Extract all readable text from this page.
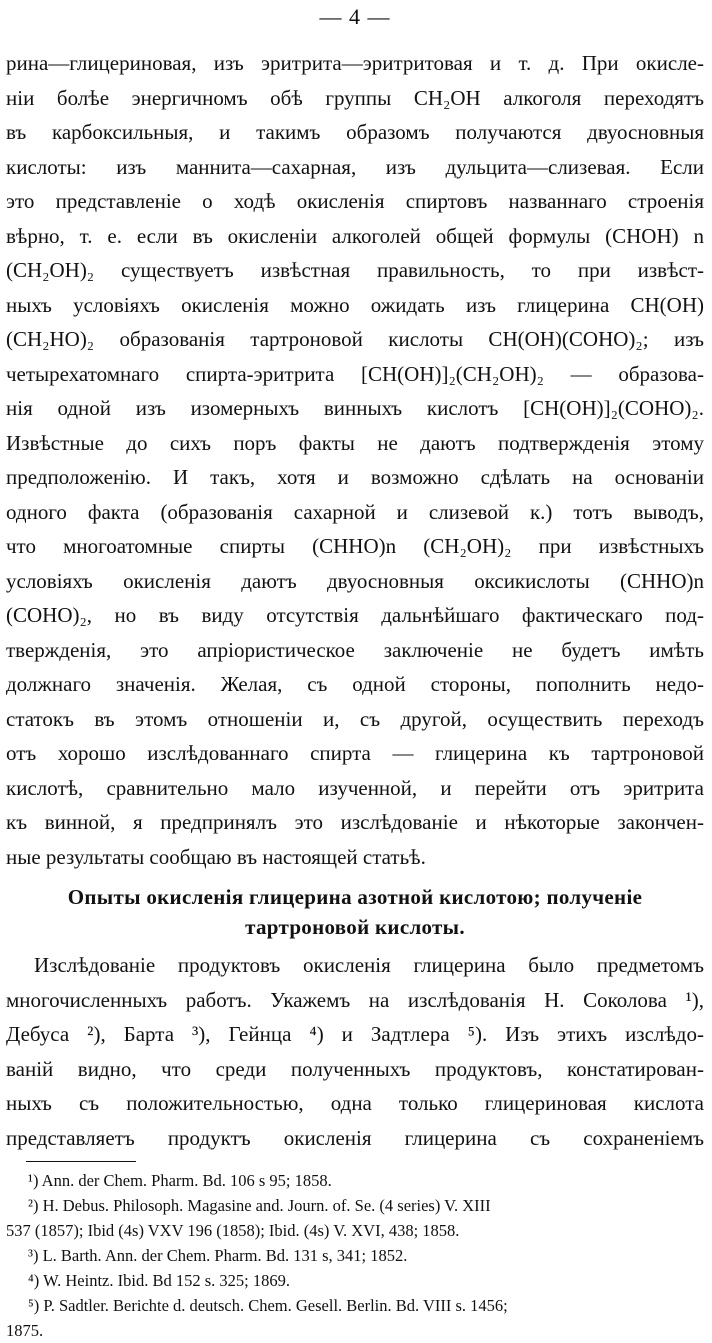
— 4 —
рина—глицериновая, изъ эритрита—эритритовая и т. д. При окисле-
ніи болѣе энергичномъ обѣ группы CH₂OH алкоголя переходятъ
въ карбоксильныя, и такимъ образомъ получаются двуосновныя
кислоты: изъ маннита—сахарная, изъ дульцита—слизевая. Если
это представленіе о ходѣ окисленія спиртовъ названнаго строенія
вѣрно, т. е. если въ окисленіи алкоголей общей формулы (CHOH) n
(CH₂OH)₂ существуетъ извѣстная правильность, то при извѣст-
ныхъ условіяхъ окисленія можно ожидать изъ глицерина CH(OH)
(CH₂HO)₂ образованія тартроновой кислоты CH(OH)(COHO)₂; изъ
четырехатомнаго спирта-эритрита [CH(OH)]₂(CH₂OH)₂ — образова-
нія одной изъ изомерныхъ винныхъ кислотъ [CH(OH)]₂(COHO)₂.
Извѣстные до сихъ поръ факты не даютъ подтвержденія этому
предположенію. И такъ, хотя и возможно сдѣлать на основаніи
одного факта (образованія сахарной и слизевой к.) тотъ выводъ,
что многоатомные спирты (CHHO)n (CH₂OH)₂ при извѣстныхъ
условіяхъ окисленія даютъ двуосновныя оксикислоты (CHHO)n
(COHO)₂, но въ виду отсутствія дальнѣйшаго фактическаго под-
твержденія, это апріористическое заключеніе не будетъ имѣть
должнаго значенія. Желая, съ одной стороны, пополнить недо-
статокъ въ этомъ отношеніи и, съ другой, осуществить переходъ
отъ хорошо изслѣдованнаго спирта — глицерина къ тартроновой
кислотѣ, сравнительно мало изученной, и перейти отъ эритрита
къ винной, я предпринялъ это изслѣдованіе и нѣкоторые закончен-
ные результаты сообщаю въ настоящей статьѣ.
Опыты окисленія глицерина азотной кислотою; полученіе
тартроновой кислоты.
Изслѣдованіе продуктовъ окисленія глицерина было предметомъ
многочисленныхъ работъ. Укажемъ на изслѣдованія Н. Соколова ¹),
Дебуса ²), Барта ³), Гейнца ⁴) и Задтлера ⁵). Изъ этихъ изслѣдо-
ваній видно, что среди полученныхъ продуктовъ, констатирован-
ныхъ съ положительностью, одна только глицериновая кислота
представляетъ продуктъ окисленія глицерина съ сохраненіемъ
¹) Ann. der Chem. Pharm. Bd. 106 s 95; 1858.
²) H. Debus. Philosoph. Magasine and. Journ. of. Se. (4 series) V. XIII
537 (1857); Ibid (4s) VXV 196 (1858); Ibid. (4s) V. XVI, 438; 1858.
³) L. Barth. Ann. der Chem. Pharm. Bd. 131 s, 341; 1852.
⁴) W. Heintz. Ibid. Bd 152 s. 325; 1869.
⁵) P. Sadtler. Berichte d. deutsch. Chem. Gesell. Berlin. Bd. VIII s. 1456;
1875.
